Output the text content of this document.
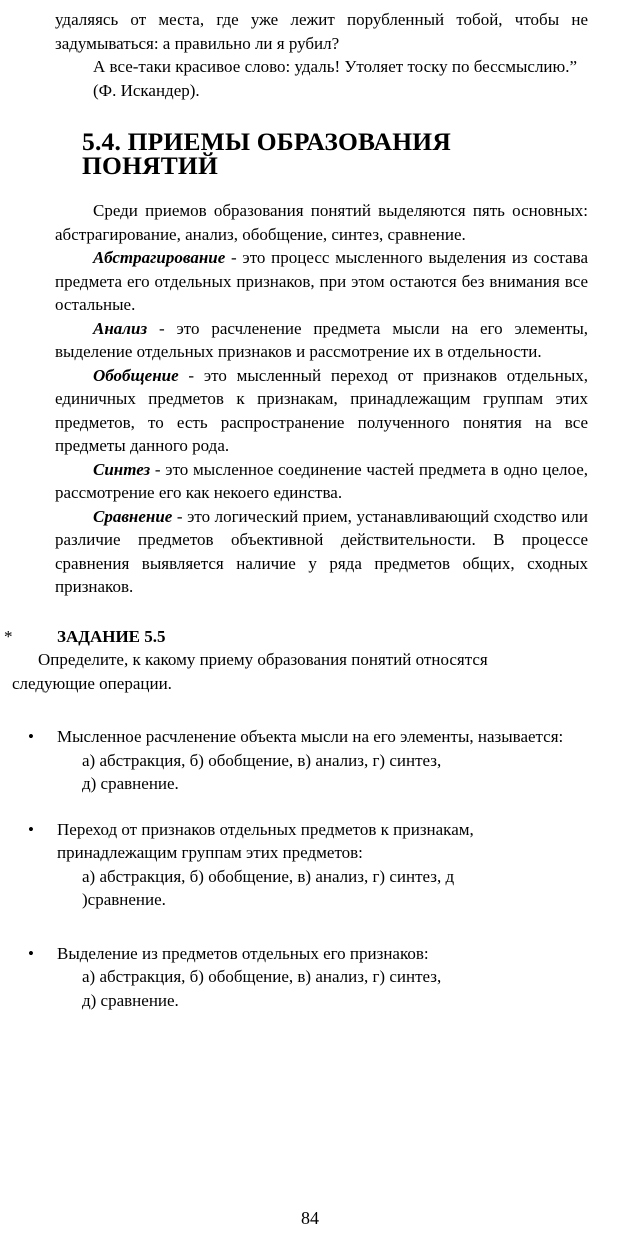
удаляясь от места, где уже лежит порубленный тобой, чтобы не задумываться: а правильно ли я рубил?

А все-таки красивое слово: удаль! Утоляет тоску по бессмыслию.”

(Ф. Искандер).

5.4. ПРИЕМЫ ОБРАЗОВАНИЯ ПОНЯТИЙ

Среди приемов образования понятий выделяются пять основных: абстрагирование, анализ, обобщение, синтез, сравнение.

Абстрагирование - это процесс мысленного выделения из состава предмета его отдельных признаков, при этом остаются без внимания все остальные.

Анализ - это расчленение предмета мысли на его элементы, выделение отдельных признаков и рассмотрение их в отдельности.

Обобщение - это мысленный переход от признаков отдельных, единичных предметов к признакам, принадлежащим группам этих предметов, то есть распространение полученного понятия на все предметы данного рода.

Синтез - это мысленное соединение частей предмета в одно целое, рассмотрение его как некоего единства.

Сравнение - это логический прием, устанавливающий сходство или различие предметов объективной действительности. В процессе сравнения выявляется наличие у ряда предметов общих, сходных признаков.

*	ЗАДАНИЕ 5.5

Определите, к какому приему образования понятий относятся следующие операции.

• Мысленное расчленение объекта мысли на его элементы, называется:
а) абстракция, б) обобщение, в) анализ, г) синтез,
д) сравнение.
• Переход от признаков отдельных предметов к признакам, принадлежащим группам этих предметов:
а) абстракция, б) обобщение, в) анализ, г) синтез, д
)сравнение.
• Выделение из предметов отдельных его признаков:
а) абстракция, б) обобщение, в) анализ, г) синтез,
д) сравнение.
84
